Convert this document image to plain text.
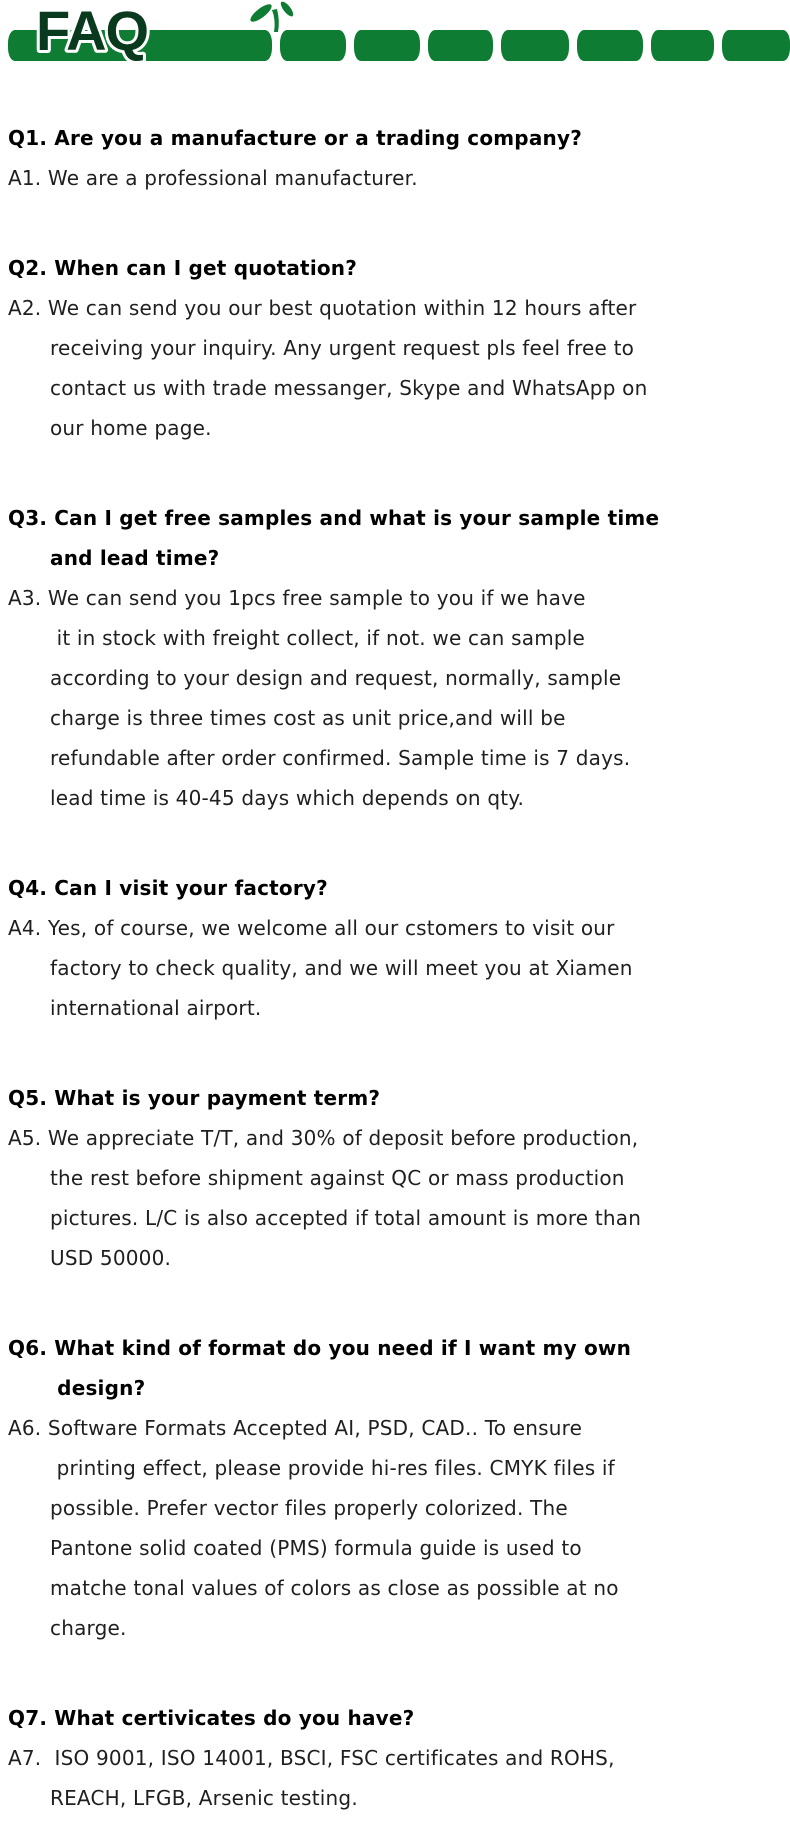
FAQ
Q1. Are you a manufacture or a trading company?
A1. We are a professional manufacturer.
Q2. When can I get quotation?
A2. We can send you our best quotation within 12 hours after
receiving your inquiry. Any urgent request pls feel free to
contact us with trade messanger, Skype and WhatsApp on
our home page.
Q3. Can I get free samples and what is your sample time
and lead time?
A3. We can send you 1pcs free sample to you if we have
it in stock with freight collect, if not. we can sample
according to your design and request, normally, sample
charge is three times cost as unit price,and will be
refundable after order confirmed. Sample time is 7 days.
lead time is 40-45 days which depends on qty.
Q4. Can I visit your factory?
A4. Yes, of course, we welcome all our cstomers to visit our
factory to check quality, and we will meet you at Xiamen
international airport.
Q5. What is your payment term?
A5. We appreciate T/T, and 30% of deposit before production,
the rest before shipment against QC or mass production
pictures. L/C is also accepted if total amount is more than
USD 50000.
Q6. What kind of format do you need if I want my own
design?
A6. Software Formats Accepted AI, PSD, CAD.. To ensure
printing effect, please provide hi-res files. CMYK files if
possible. Prefer vector files properly colorized. The
Pantone solid coated (PMS) formula guide is used to
matche tonal values of colors as close as possible at no
charge.
Q7. What certivicates do you have?
A7.  ISO 9001, ISO 14001, BSCI, FSC certificates and ROHS,
REACH, LFGB, Arsenic testing.
